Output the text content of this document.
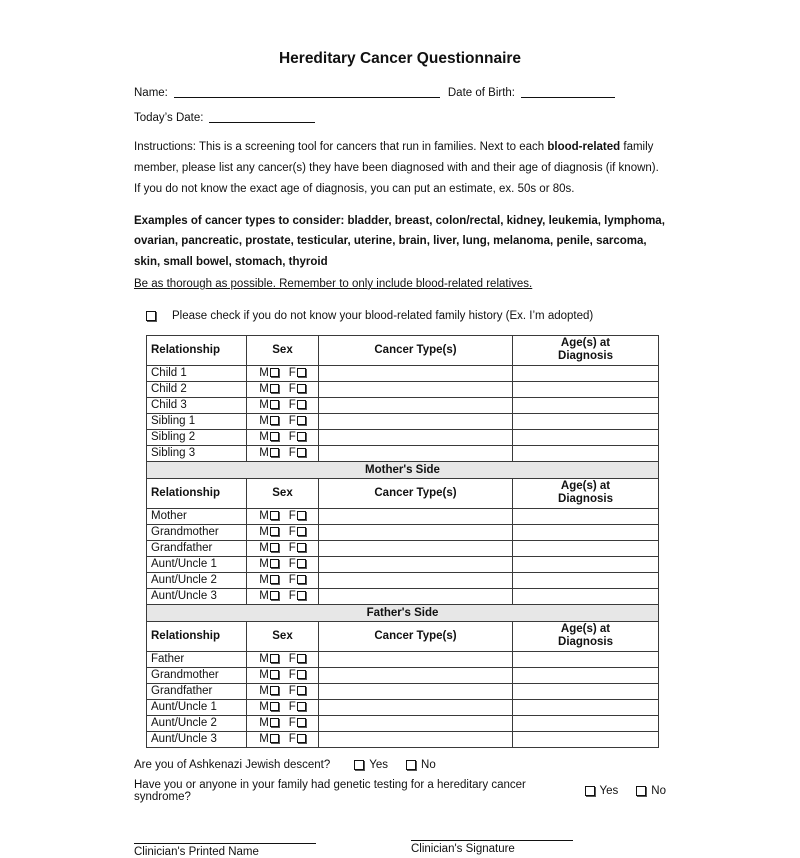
Hereditary Cancer Questionnaire
Name:	Date of Birth:
Today’s Date:

Instructions: This is a screening tool for cancers that run in families. Next to each blood-related family member, please list any cancer(s) they have been diagnosed with and their age of diagnosis (if known). If you do not know the exact age of diagnosis, you can put an estimate, ex. 50s or 80s.

Examples of cancer types to consider: bladder, breast, colon/rectal, kidney, leukemia, lymphoma, ovarian, pancreatic, prostate, testicular, uterine, brain, liver, lung, melanoma, penile, sarcoma, skin, small bowel, stomach, thyroid

Be as thorough as possible. Remember to only include blood-related relatives.

Please check if you do not know your blood-related family history (Ex. I’m adopted)
Relationship	Sex	Cancer Type(s)	Age(s) at Diagnosis
Child 1	M F		
Child 2	M F		
Child 3	M F		
Sibling 1	M F		
Sibling 2	M F		
Sibling 3	M F		
Mother's Side			
Relationship	Sex	Cancer Type(s)	Age(s) at Diagnosis
Mother	M F		
Grandmother	M F		
Grandfather	M F		
Aunt/Uncle 1	M F		
Aunt/Uncle 2	M F		
Aunt/Uncle 3	M F		
Father's Side			
Relationship	Sex	Cancer Type(s)	Age(s) at Diagnosis
Father	M F		
Grandmother	M F		
Grandfather	M F		
Aunt/Uncle 1	M F		
Aunt/Uncle 2	M F		
Aunt/Uncle 3	M F		
Are you of Ashkenazi Jewish descent?	Yes	No
Have you or anyone in your family had genetic testing for a hereditary cancer syndrome?	Yes	No
Clinician's Printed Name	Clinician's Signature
